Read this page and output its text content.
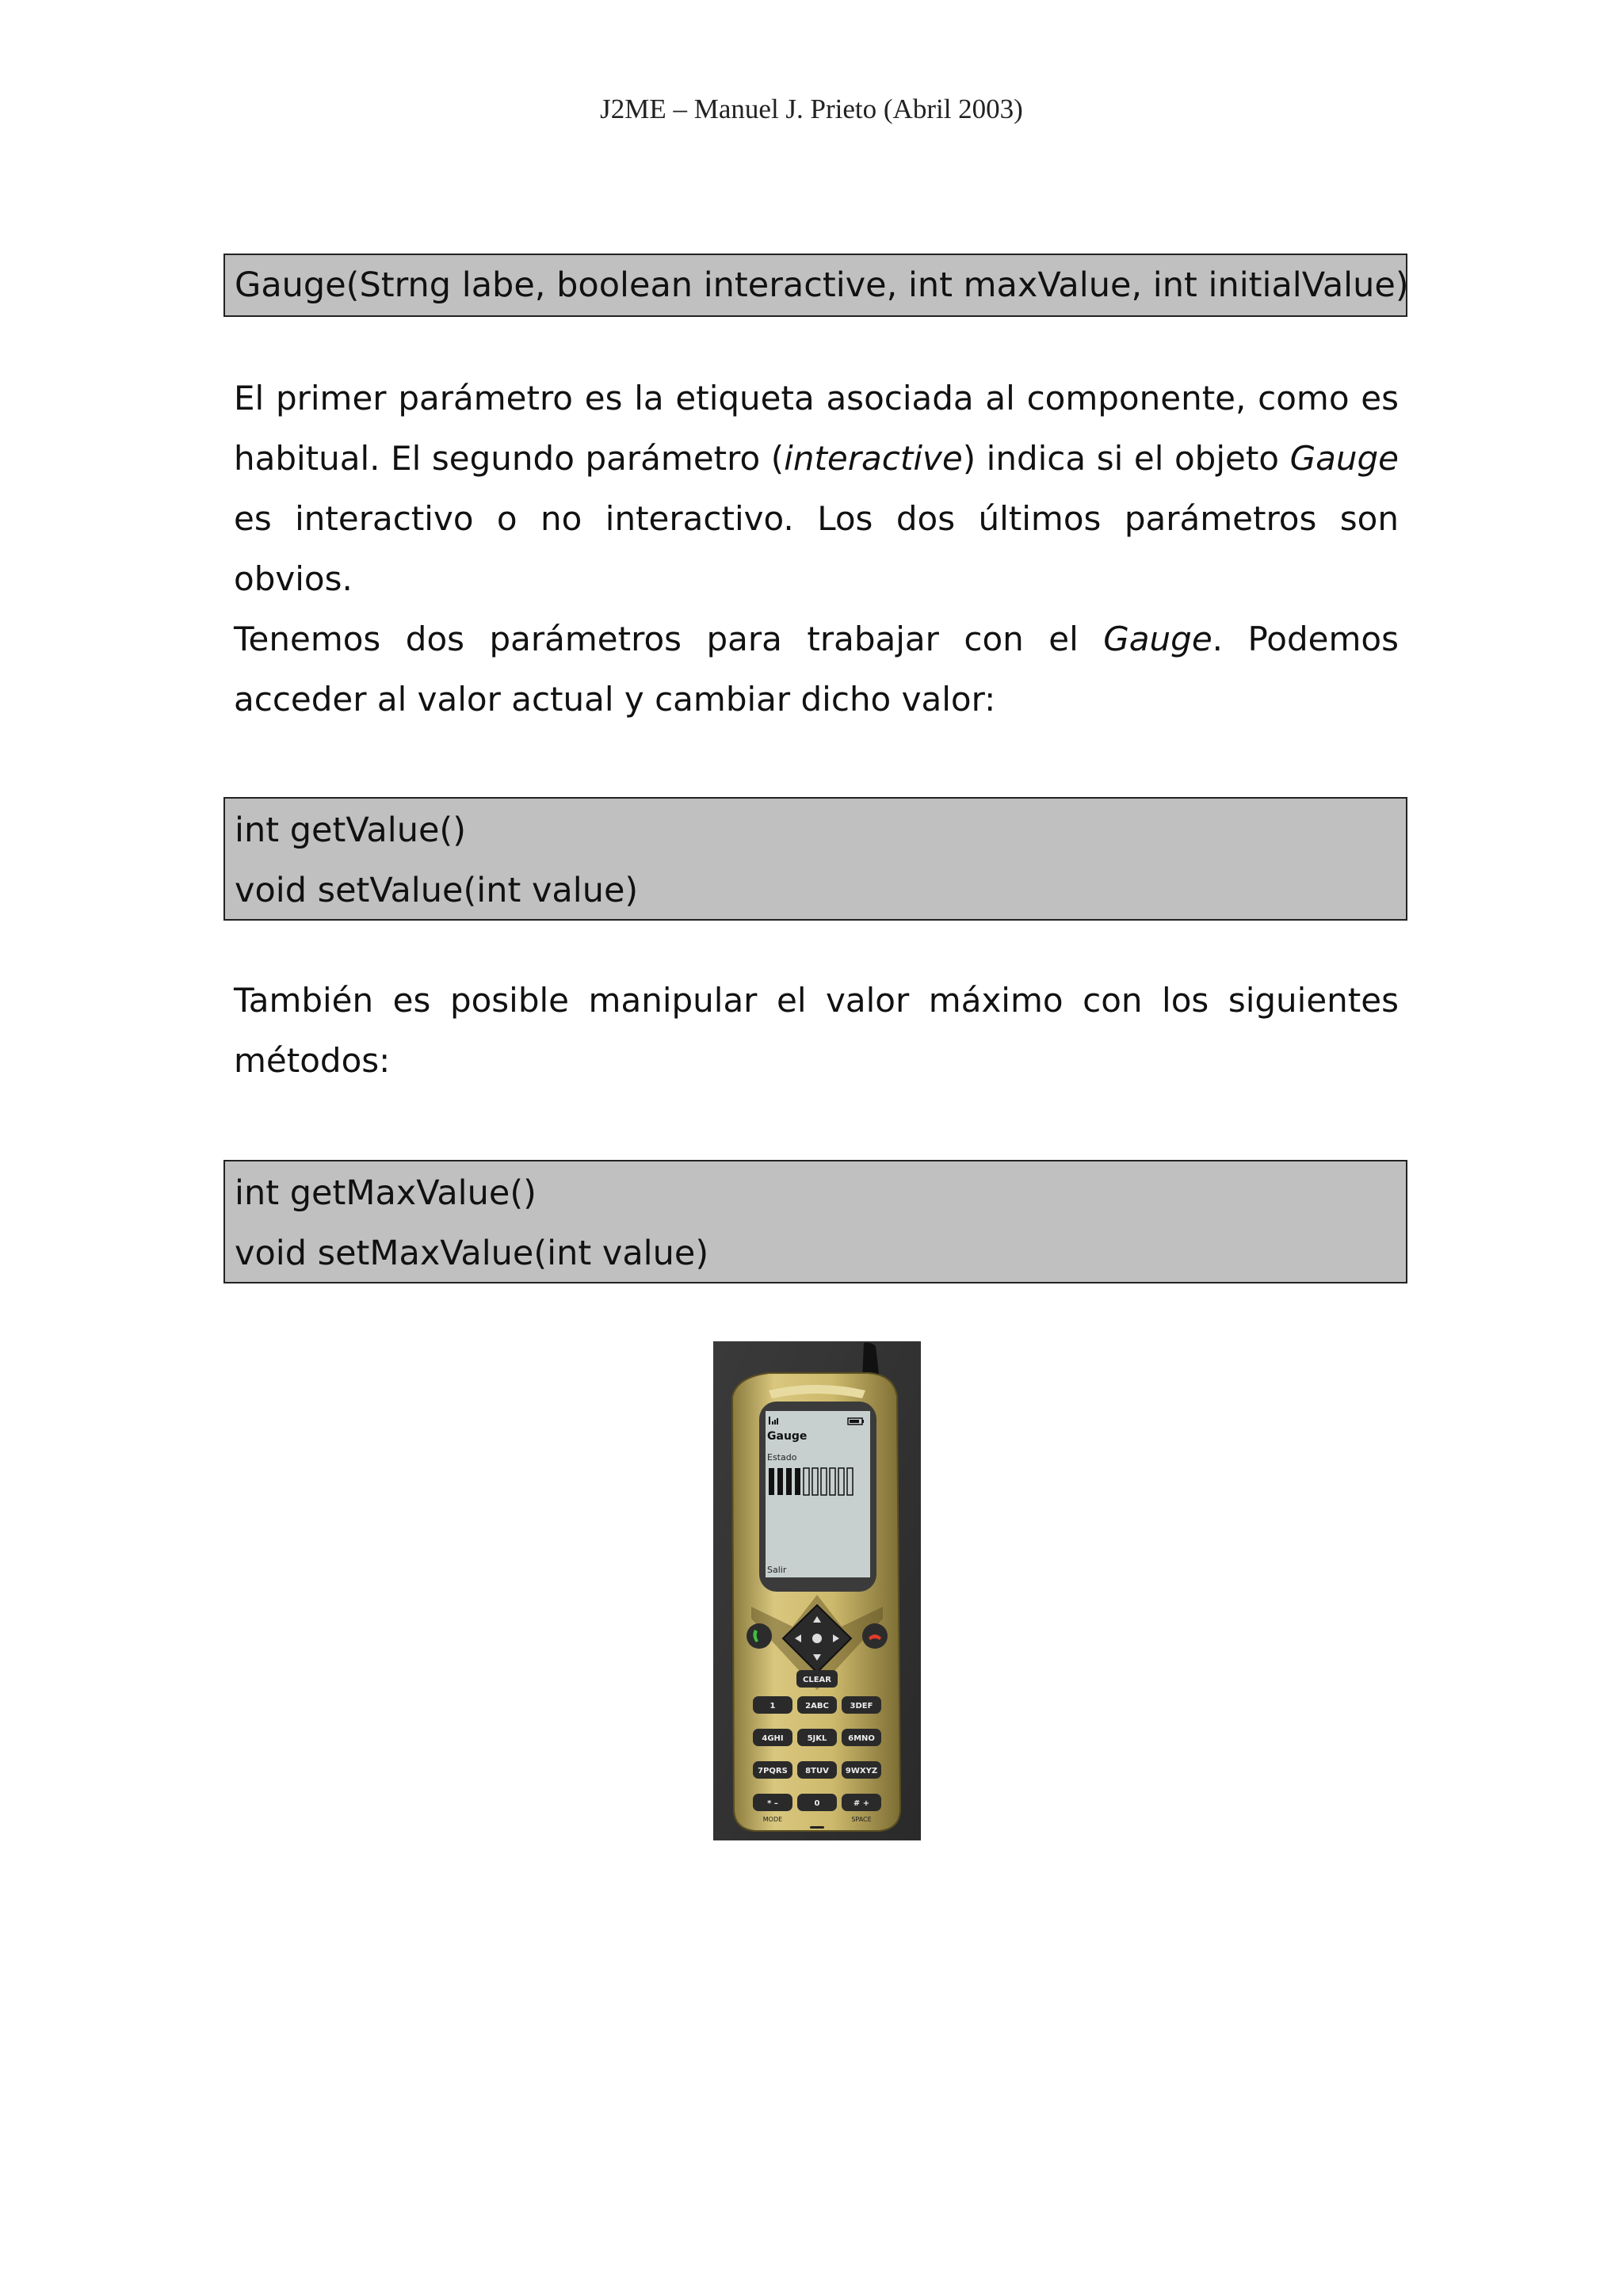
J2ME – Manuel J. Prieto (Abril 2003)
Gauge(Strng labe, boolean interactive, int maxValue, int initialValue)
El primer parámetro es la etiqueta asociada al componente, como es
habitual. El segundo parámetro (interactive) indica si el objeto Gauge
es interactivo o no interactivo. Los dos últimos parámetros son
obvios.
Tenemos dos parámetros para trabajar con el Gauge. Podemos
acceder al valor actual y cambiar dicho valor:
int getValue()
void setValue(int value)
También es posible manipular el valor máximo con los siguientes
métodos:
int getMaxValue()
void setMaxValue(int value)
Gauge
Estado
Salir
CLEAR
1	2ABC	3DEF
4GHI	5JKL	6MNO
7PQRS 8TUV 9WXYZ
* –	0	# +
MODE	SPACE
